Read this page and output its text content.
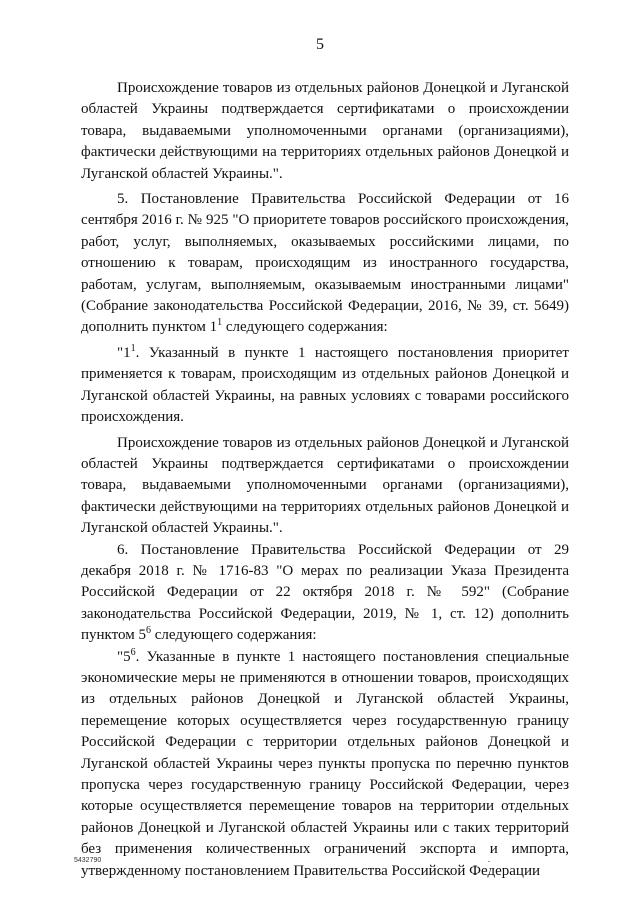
5

Происхождение товаров из отдельных районов Донецкой и Луганской областей Украины подтверждается сертификатами о происхождении товара, выдаваемыми уполномоченными органами (организациями), фактически действующими на территориях отдельных районов Донецкой и Луганской областей Украины.".

5. Постановление Правительства Российской Федерации от 16 сентября 2016 г. № 925 "О приоритете товаров российского происхождения, работ, услуг, выполняемых, оказываемых российскими лицами, по отношению к товарам, происходящим из иностранного государства, работам, услугам, выполняемым, оказываемым иностранными лицами" (Собрание законодательства Российской Федерации, 2016, № 39, ст. 5649) дополнить пунктом $1^1$ следующего содержания:

"$1^1$. Указанный в пункте 1 настоящего постановления приоритет применяется к товарам, происходящим из отдельных районов Донецкой и Луганской областей Украины, на равных условиях с товарами российского происхождения.

Происхождение товаров из отдельных районов Донецкой и Луганской областей Украины подтверждается сертификатами о происхождении товара, выдаваемыми уполномоченными органами (организациями), фактически действующими на территориях отдельных районов Донецкой и Луганской областей Украины.".

6. Постановление Правительства Российской Федерации от 29 декабря 2018 г. № 1716-83 "О мерах по реализации Указа Президента Российской Федерации от 22 октября 2018 г. № 592" (Собрание законодательства Российской Федерации, 2019, № 1, ст. 12) дополнить пунктом $5^6$ следующего содержания:

"$5^6$. Указанные в пункте 1 настоящего постановления специальные экономические меры не применяются в отношении товаров, происходящих из отдельных районов Донецкой и Луганской областей Украины, перемещение которых осуществляется через государственную границу Российской Федерации с территории отдельных районов Донецкой и Луганской областей Украины через пункты пропуска по перечню пунктов пропуска через государственную границу Российской Федерации, через которые осуществляется перемещение товаров на территории отдельных районов Донецкой и Луганской областей Украины или с таких территорий без применения количественных ограничений экспорта и импорта, утвержденному постановлением Правительства Российской Федерации

5432790
